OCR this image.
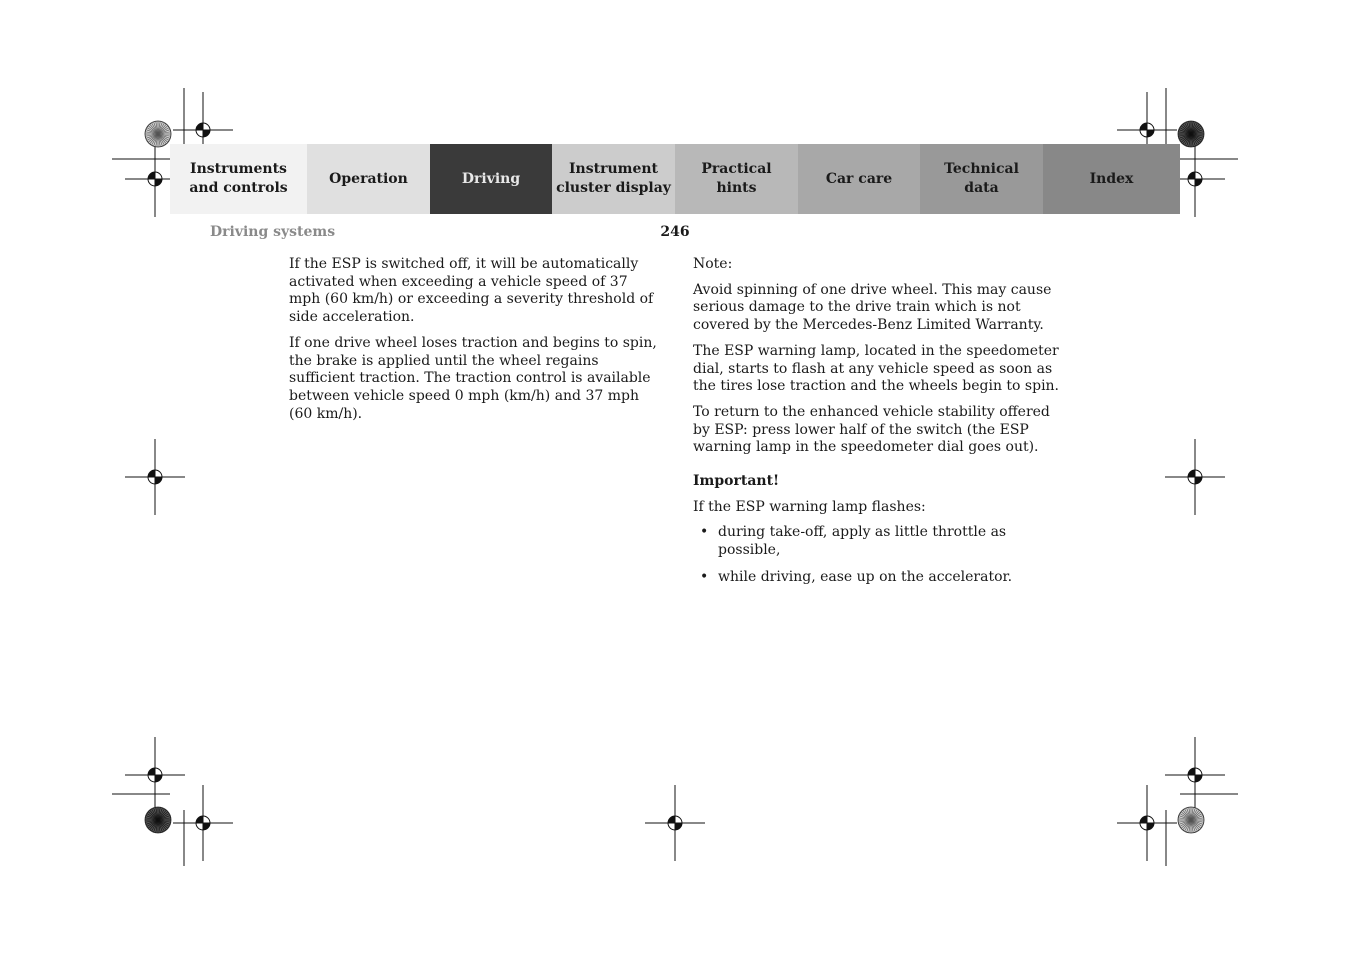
Instruments
and controls
Operation	Driving
Instrument
cluster display
Practical hints
Car care
Technical
data
Index
Driving systems	246

If the ESP is switched off, it will be automatically activated when exceeding a vehicle speed of 37 mph (60 km/h) or exceeding a severity threshold of side acceleration.

If one drive wheel loses traction and begins to spin, the brake is applied until the wheel regains sufficient traction. The traction control is available between vehicle speed 0 mph (km/h) and 37 mph (60 km/h).

Note:

Avoid spinning of one drive wheel. This may cause serious damage to the drive train which is not covered by the Mercedes-Benz Limited Warranty.

The ESP warning lamp, located in the speedometer dial, starts to flash at any vehicle speed as soon as the tires lose traction and the wheels begin to spin.

To return to the enhanced vehicle stability offered by ESP: press lower half of the switch (the ESP warning lamp in the speedometer dial goes out).

Important!

If the ESP warning lamp flashes:

• during take-off, apply as little throttle as possible,
• while driving, ease up on the accelerator.
